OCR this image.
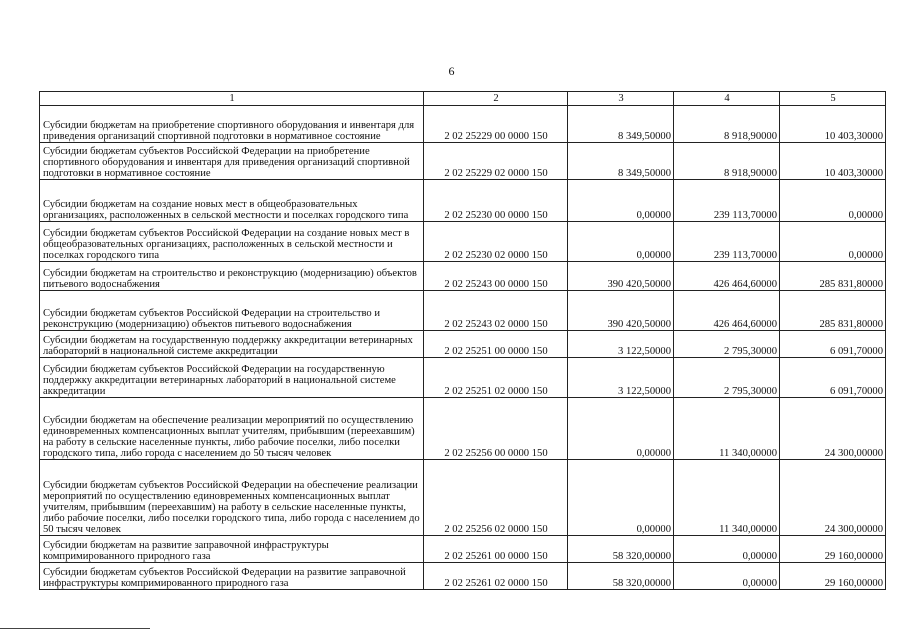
6
1	2	3	4	5
Субсидии бюджетам на приобретение спортивного оборудования и инвентаря для приведения организаций спортивной подготовки в нормативное состояние	2 02 25229 00 0000 150	8 349,50000	8 918,90000	10 403,30000
Субсидии бюджетам субъектов Российской Федерации на приобретение спортивного оборудования и инвентаря для приведения организаций спортивной подготовки в нормативное состояние	2 02 25229 02 0000 150	8 349,50000	8 918,90000	10 403,30000
Субсидии бюджетам на создание новых мест в общеобразовательных организациях, расположенных в сельской местности и поселках городского типа	2 02 25230 00 0000 150	0,00000	239 113,70000	0,00000
Субсидии бюджетам субъектов Российской Федерации на создание новых мест в общеобразовательных организациях, расположенных в сельской местности и поселках городского типа	2 02 25230 02 0000 150	0,00000	239 113,70000	0,00000
Субсидии бюджетам на строительство и реконструкцию (модернизацию) объектов питьевого водоснабжения	2 02 25243 00 0000 150	390 420,50000	426 464,60000	285 831,80000
Субсидии бюджетам субъектов Российской Федерации на строительство и реконструкцию (модернизацию) объектов питьевого водоснабжения	2 02 25243 02 0000 150	390 420,50000	426 464,60000	285 831,80000
Субсидии бюджетам на государственную поддержку аккредитации ветеринарных лабораторий в национальной системе аккредитации	2 02 25251 00 0000 150	3 122,50000	2 795,30000	6 091,70000
Субсидии бюджетам субъектов Российской Федерации на государственную поддержку аккредитации ветеринарных лабораторий в национальной системе аккредитации	2 02 25251 02 0000 150	3 122,50000	2 795,30000	6 091,70000
Субсидии бюджетам на обеспечение реализации мероприятий по осуществлению единовременных компенсационных выплат учителям, прибывшим (переехавшим) на работу в сельские населенные пункты, либо рабочие поселки, либо поселки городского типа, либо города с населением до 50 тысяч человек	2 02 25256 00 0000 150	0,00000	11 340,00000	24 300,00000
Субсидии бюджетам субъектов Российской Федерации на обеспечение реализации мероприятий по осуществлению единовременных компенсационных выплат учителям, прибывшим (переехавшим) на работу в сельские населенные пункты, либо рабочие поселки, либо поселки городского типа, либо города с населением до 50 тысяч человек	2 02 25256 02 0000 150	0,00000	11 340,00000	24 300,00000
Субсидии бюджетам на развитие заправочной инфраструктуры компримированного природного газа	2 02 25261 00 0000 150	58 320,00000	0,00000	29 160,00000
Субсидии бюджетам субъектов Российской Федерации на развитие заправочной инфраструктуры компримированного природного газа	2 02 25261 02 0000 150	58 320,00000	0,00000	29 160,00000
